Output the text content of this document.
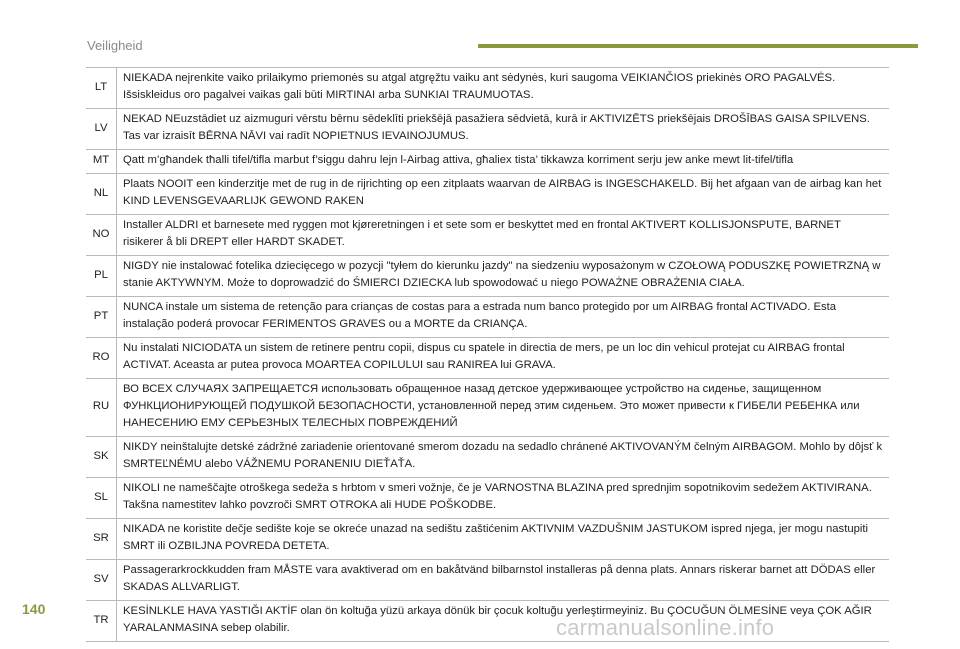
Veiligheid
LT	NIEKADA neįrenkite vaiko prilaikymo priemonės su atgal atgręžtu vaiku ant sėdynės, kuri saugoma VEIKIANČIOS priekinės ORO PAGALVĖS. Išsiskleidus oro pagalvei vaikas gali būti MIRTINAI arba SUNKIAI TRAUMUOTAS.
LV	NEKAD NEuzstādiet uz aizmuguri vērstu bērnu sēdeklīti priekšējā pasažiera sēdvietā, kurā ir AKTIVIZĒTS priekšējais DROŠĪBAS GAISA SPILVENS. Tas var izraisīt BĒRNA NĀVI vai radīt NOPIETNUS IEVAINOJUMUS.
MT	Qatt m’għandek tħalli tifel/tifla marbut f’siggu dahru lejn l-Airbag attiva, għaliex tista’ tikkawza korriment serju jew anke mewt lit-tifel/tifla
NL	Plaats NOOIT een kinderzitje met de rug in de rijrichting op een zitplaats waarvan de AIRBAG is INGESCHAKELD. Bij het afgaan van de airbag kan het KIND LEVENSGEVAARLIJK GEWOND RAKEN
NO	Installer ALDRI et barnesete med ryggen mot kjøreretningen i et sete som er beskyttet med en frontal AKTIVERT KOLLISJONSPUTE, BARNET risikerer å bli DREPT eller HARDT SKADET.
PL	NIGDY nie instalować fotelika dziecięcego w pozycji "tyłem do kierunku jazdy" na siedzeniu wyposażonym w CZOŁOWĄ PODUSZKĘ POWIETRZNĄ w stanie AKTYWNYM. Może to doprowadzić do ŚMIERCI DZIECKA lub spowodować u niego POWAŻNE OBRAŻENIA CIAŁA.
PT	NUNCA instale um sistema de retenção para crianças de costas para a estrada num banco protegido por um AIRBAG frontal ACTIVADO. Esta instalação poderá provocar FERIMENTOS GRAVES ou a MORTE da CRIANÇA.
RO	Nu instalati NICIODATA un sistem de retinere pentru copii, dispus cu spatele in directia de mers, pe un loc din vehicul protejat cu AIRBAG frontal ACTIVAT. Aceasta ar putea provoca MOARTEA COPILULUI sau RANIREA lui GRAVA.
RU	ВО ВСЕХ СЛУЧАЯХ ЗАПРЕЩАЕТСЯ использовать обращенное назад детское удерживающее устройство на сиденье, защищенном ФУНКЦИОНИРУЮЩЕЙ ПОДУШКОЙ БЕЗОПАСНОСТИ, установленной перед этим сиденьем. Это может привести к ГИБЕЛИ РЕБЕНКА или НАНЕСЕНИЮ ЕМУ СЕРЬЕЗНЫХ ТЕЛЕСНЫХ ПОВРЕЖДЕНИЙ
SK	NIKDY neinštalujte detské zádržné zariadenie orientované smerom dozadu na sedadlo chránené AKTIVOVANÝM čelným AIRBAGOM. Mohlo by dôjsť k SMRTEĽNÉMU alebo VÁŽNEMU PORANENIU DIEŤAŤA.
SL	NIKOLI ne nameščajte otroškega sedeža s hrbtom v smeri vožnje, če je VARNOSTNA BLAZINA pred sprednjim sopotnikovim sedežem AKTIVIRANA. Takšna namestitev lahko povzroči SMRT OTROKA ali HUDE POŠKODBE.
SR	NIKADA ne koristite dečje sedište koje se okreće unazad na sedištu zaštićenim AKTIVNIM VAZDUŠNIM JASTUKOM ispred njega, jer mogu nastupiti SMRT ili OZBILJNA POVREDA DETETA.
SV	Passagerarkrockkudden fram MÅSTE vara avaktiverad om en bakåtvänd bilbarnstol installeras på denna plats. Annars riskerar barnet att DÖDAS eller SKADAS ALLVARLIGT.
TR	KESİNLKLE HAVA YASTIĞI AKTİF olan ön koltuğa yüzü arkaya dönük bir çocuk koltuğu yerleştirmeyiniz. Bu ÇOCUĞUN ÖLMESİNE veya ÇOK AĞIR YARALANMASINA sebep olabilir.
140
carmanualsonline.info
